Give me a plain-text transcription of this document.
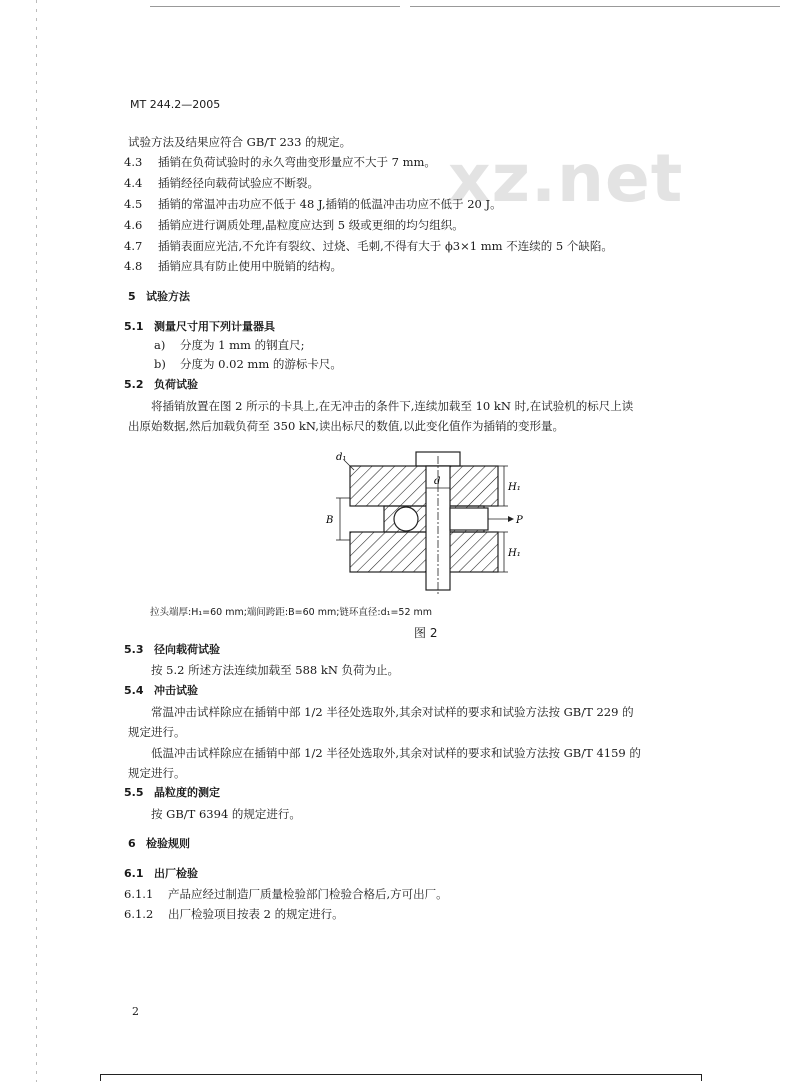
xz.net
MT 244.2—2005
试验方法及结果应符合 GB/T 233 的规定。
4.3 插销在负荷试验时的永久弯曲变形量应不大于 7 mm。
4.4 插销经径向载荷试验应不断裂。
4.5 插销的常温冲击功应不低于 48 J,插销的低温冲击功应不低于 20 J。
4.6 插销应进行调质处理,晶粒度应达到 5 级或更细的均匀组织。
4.7 插销表面应光洁,不允许有裂纹、过烧、毛刺,不得有大于 ϕ3×1 mm 不连续的 5 个缺陷。
4.8 插销应具有防止使用中脱销的结构。
5 试验方法
5.1 测量尺寸用下列计量器具
a) 分度为 1 mm 的钢直尺;
b) 分度为 0.02 mm 的游标卡尺。
5.2 负荷试验
将插销放置在图 2 所示的卡具上,在无冲击的条件下,连续加载至 10 kN 时,在试验机的标尺上读
出原始数据,然后加载负荷至 350 kN,读出标尺的数值,以此变化值作为插销的变形量。
d₁
d
B
H₁
H₁
P
拉头端厚:H₁=60 mm;端间跨距:B=60 mm;链环直径:d₁=52 mm
图 2
5.3 径向载荷试验
按 5.2 所述方法连续加载至 588 kN 负荷为止。
5.4 冲击试验
常温冲击试样除应在插销中部 1/2 半径处选取外,其余对试样的要求和试验方法按 GB/T 229 的
规定进行。
低温冲击试样除应在插销中部 1/2 半径处选取外,其余对试样的要求和试验方法按 GB/T 4159 的
规定进行。
5.5 晶粒度的测定
按 GB/T 6394 的规定进行。
6 检验规则
6.1 出厂检验
6.1.1 产品应经过制造厂质量检验部门检验合格后,方可出厂。
6.1.2 出厂检验项目按表 2 的规定进行。
2
